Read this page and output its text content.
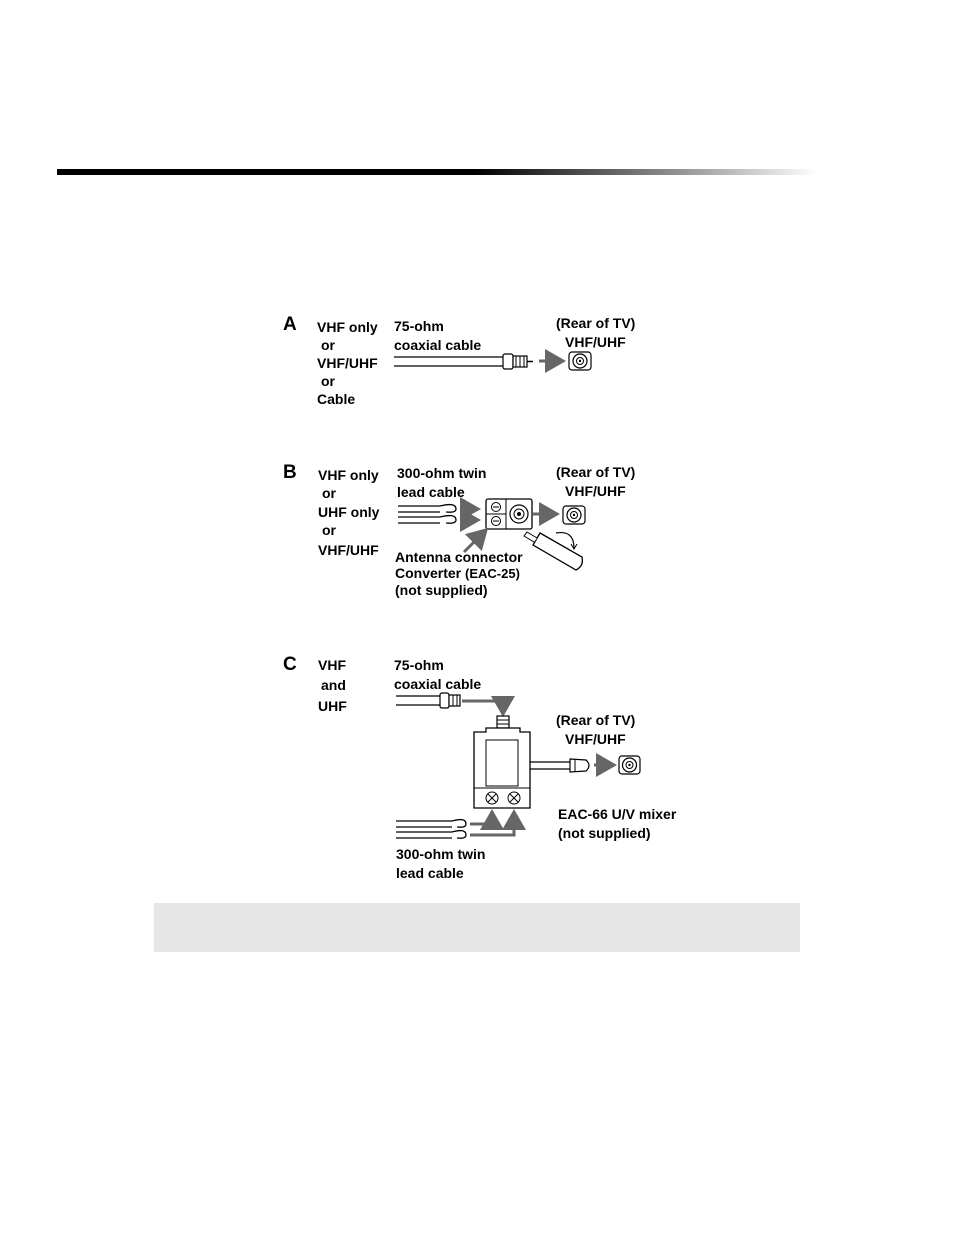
A VHF only
or
VHF/UHF
or
Cable
75-ohm
coaxial cable
(Rear of TV)
VHF/UHF
B VHF only
or
UHF only
or
VHF/UHF
300-ohm twin
lead cable
(Rear of TV)
VHF/UHF
Antenna connector
Converter (EAC-25)
(not supplied)
C VHF
and
UHF
75-ohm
coaxial cable
(Rear of TV)
VHF/UHF
EAC-66 U/V mixer
(not supplied)
300-ohm twin
lead cable
